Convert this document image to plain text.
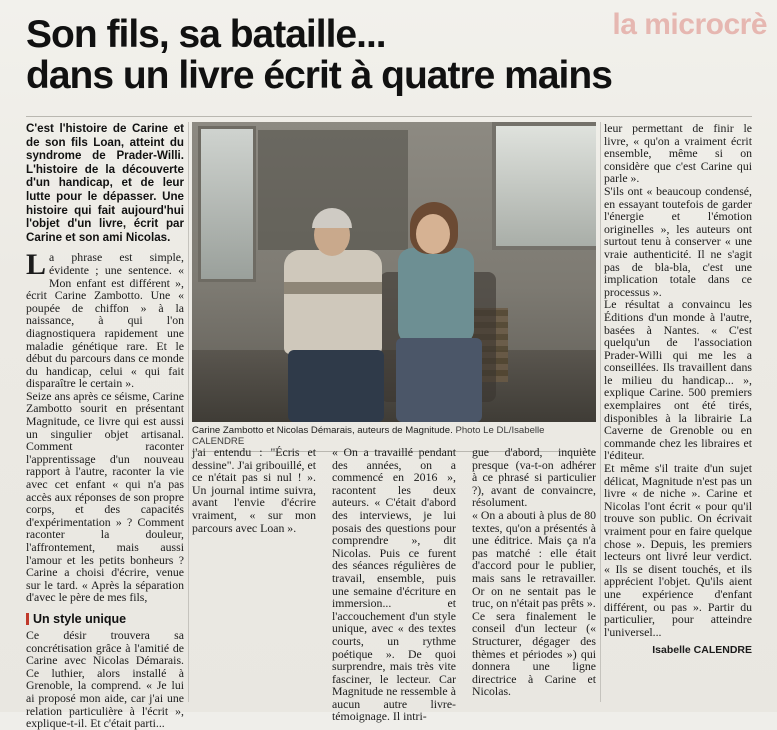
la microcrè
Son fils, sa bataille...
dans un livre écrit à quatre mains
C'est l'histoire de Carine et de son fils Loan, atteint du syndrome de Prader-Willi. L'histoire de la découverte d'un handicap, et de leur lutte pour le dépasser. Une histoire qui fait aujourd'hui l'objet d'un livre, écrit par Carine et son ami Nicolas.
La phrase est simple, évidente ; une sentence. « Mon enfant est différent », écrit Carine Zambotto. Une « poupée de chiffon » à la naissance, à qui l'on diagnostiquera rapidement une maladie génétique rare. Et le début du parcours dans ce monde du handicap, celui « qui fait disparaître le certain ».
Seize ans après ce séisme, Carine Zambotto sourit en présentant Magnitude, ce livre qui est aussi un singulier objet artisanal. Comment raconter l'apprentissage d'un nouveau rapport à l'autre, raconter la vie avec cet enfant « qui n'a pas accès aux réponses de son propre corps, et des capacités d'expérimentation » ? Comment raconter la douleur, l'affrontement, mais aussi l'amour et les petits bonheurs ? Carine a choisi d'écrire, venue sur le tard. « Après la séparation d'avec le père de mes fils,
Un style unique
Ce désir trouvera sa concrétisation grâce à l'amitié de Carine avec Nicolas Démarais. Ce luthier, alors installé à Grenoble, la comprend. « Je lui ai proposé mon aide, car j'ai une relation particulière à l'écrit », explique-t-il. Et c'était parti...
Carine Zambotto et Nicolas Démarais, auteurs de Magnitude. Photo Le DL/Isabelle CALENDRE
j'ai entendu : "Écris et dessine". J'ai gribouillé, et ce n'était pas si nul ! ». Un journal intime suivra, avant l'envie d'écrire vraiment, « sur mon parcours avec Loan ».
« On a travaillé pendant des années, on a commencé en 2016 », racontent les deux auteurs. « C'était d'abord des interviews, je lui posais des questions pour comprendre », dit Nicolas. Puis ce furent des séances régulières de travail, ensemble, puis une semaine d'écriture en immersion... et l'accouchement d'un style unique, avec « des textes courts, un rythme poétique ». De quoi surprendre, mais très vite fasciner, le lecteur. Car Magnitude ne ressemble à aucun autre livre-témoignage. Il intri-
gue d'abord, inquiète presque (va-t-on adhérer à ce phrasé si particulier ?), avant de convaincre, résolument.
« On a abouti à plus de 80 textes, qu'on a présentés à une éditrice. Mais ça n'a pas matché : elle était d'accord pour le publier, mais sans le retravailler. Or on ne sentait pas le truc, on n'était pas prêts ».
Ce sera finalement le conseil d'un lecteur (« Structurer, dégager des thèmes et périodes ») qui donnera une ligne directrice à Carine et Nicolas.
leur permettant de finir le livre, « qu'on a vraiment écrit ensemble, même si on considère que c'est Carine qui parle ».
S'ils ont « beaucoup condensé, en essayant toutefois de garder l'énergie et l'émotion originelles », les auteurs ont surtout tenu à conserver « une vraie authenticité. Il ne s'agit pas de bla-bla, c'est une implication totale dans ce processus ».
Le résultat a convaincu les Éditions d'un monde à l'autre, basées à Nantes. « C'est quelqu'un de l'association Prader-Willi qui me les a conseillées. Ils travaillent dans le milieu du handicap... », explique Carine. 500 premiers exemplaires ont été tirés, disponibles à la librairie La Caverne de Grenoble ou en commande chez les libraires et l'éditeur.
Et même s'il traite d'un sujet délicat, Magnitude n'est pas un livre « de niche ». Carine et Nicolas l'ont écrit « pour qu'il trouve son public. On écrivait vraiment pour en faire quelque chose ». Depuis, les premiers lecteurs ont livré leur verdict. « Ils se disent touchés, et ils apprécient l'objet. Qu'ils aient une expérience d'enfant différent, ou pas ». Partir du particulier, pour atteindre l'universel...
Isabelle CALENDRE
